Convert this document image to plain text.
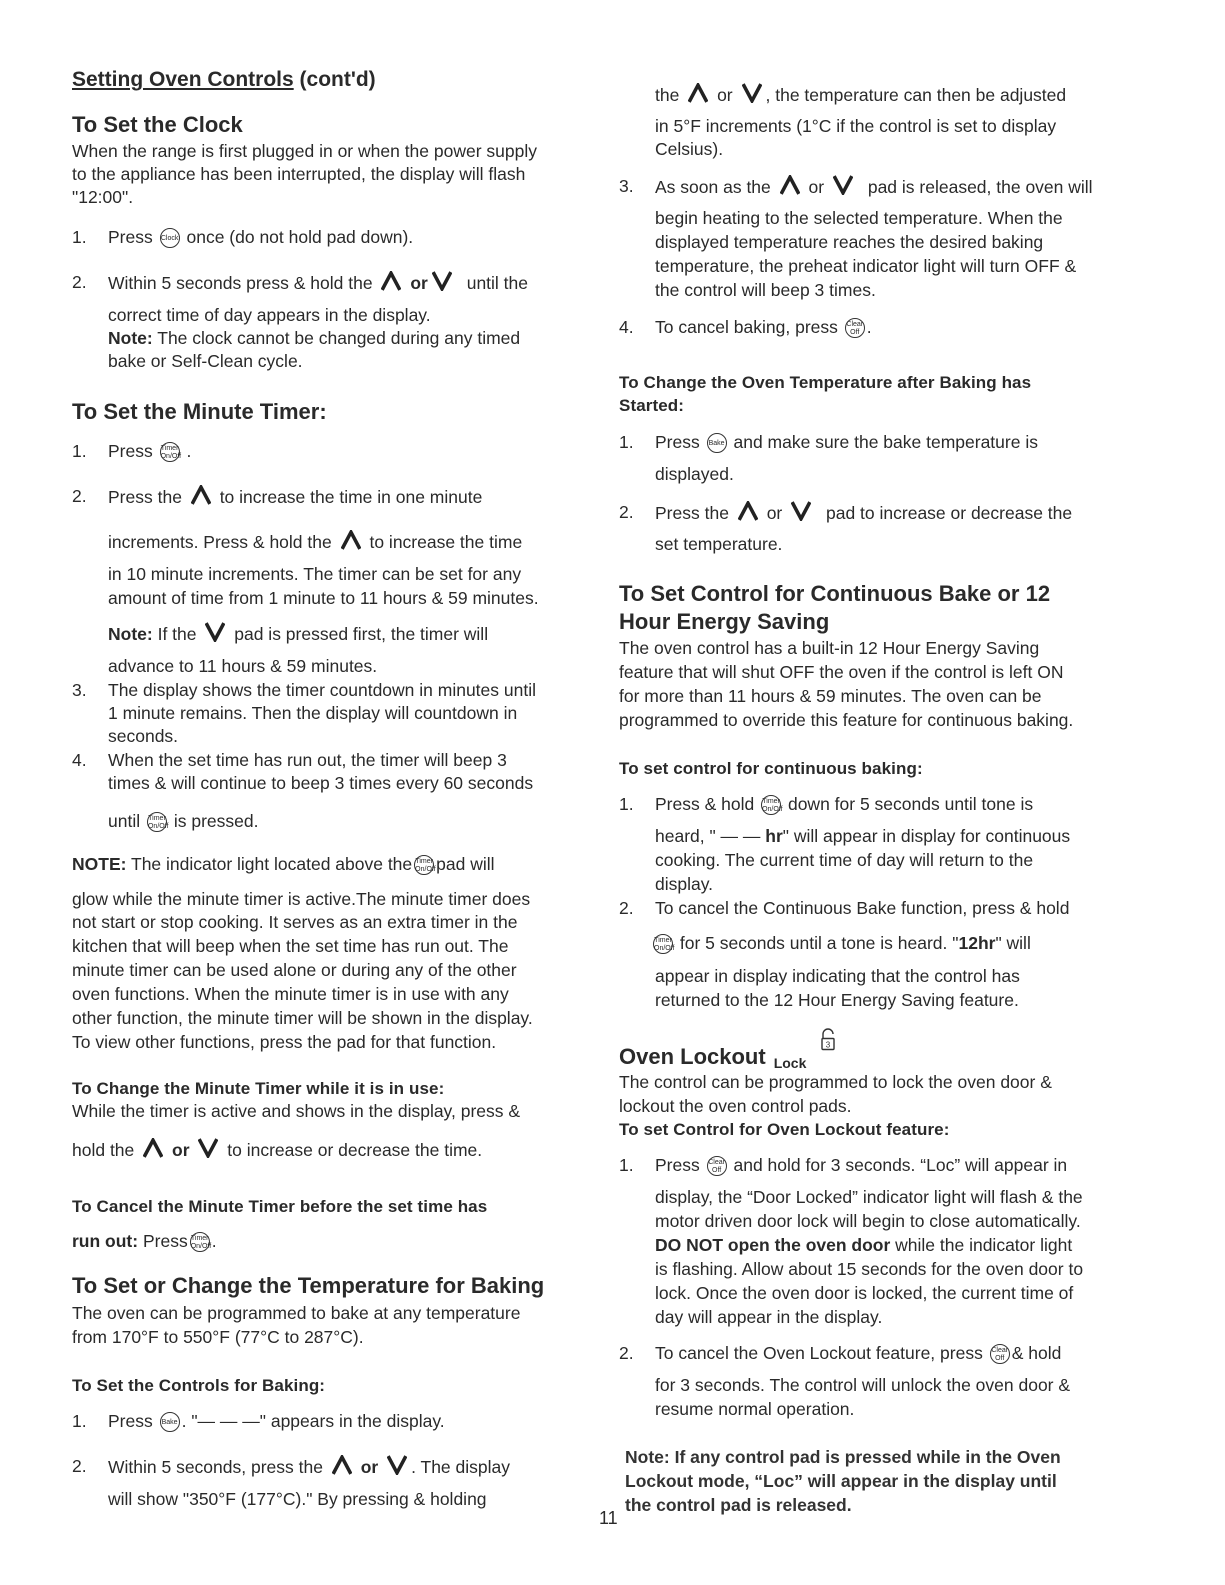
Setting Oven Controls (cont'd)
To Set the Clock

When the range is first plugged in or when the power supply

to the appliance has been interrupted, the display will flash

"12:00".

1. Press Clock once (do not hold pad down).
2. Within 5 seconds press & hold the or until the

correct time of day appears in the display.

Note: The clock cannot be changed during any timed

bake or Self-Clean cycle.

To Set the Minute Timer:
1. Press Timer
On/Off .
2. Press the to increase the time in one minute
increments. Press & hold the to increase the time

in 10 minute increments. The timer can be set for any

amount of time from 1 minute to 11 hours & 59 minutes.

Note: If the pad is pressed first, the timer will

advance to 11 hours & 59 minutes.

3. The display shows the timer countdown in minutes until

1 minute remains. Then the display will countdown in

seconds.

4. When the set time has run out, the timer will beep 3

times & will continue to beep 3 times every 60 seconds

until Timer
On/Off is pressed.
NOTE: The indicator light located above the Timer
On/Offpad will

glow while the minute timer is active.The minute timer does

not start or stop cooking. It serves as an extra timer in the

kitchen that will beep when the set time has run out. The

minute timer can be used alone or during any of the other

oven functions. When the minute timer is in use with any

other function, the minute timer will be shown in the display.

To view other functions, press the pad for that function.

To Change the Minute Timer while it is in use:

While the timer is active and shows in the display, press &

hold the or to increase or decrease the time.
To Cancel the Minute Timer before the set time has
run out: Press Timer
On/Off.
To Set or Change the Temperature for Baking

The oven can be programmed to bake at any temperature

from 170°F to 550°F (77°C to 287°C).

To Set the Controls for Baking:
1. Press Bake . "— — —" appears in the display.
2. Within 5 seconds, press the or . The display

will show "350°F (177°C)." By pressing & holding

the or , the temperature can then be adjusted

in 5°F increments (1°C if the control is set to display

Celsius).

3. As soon as the or	pad is released, the oven will

begin heating to the selected temperature. When the

displayed temperature reaches the desired baking

temperature, the preheat indicator light will turn OFF &

the control will beep 3 times.

4. To cancel baking, press Clear
Off .
To Change the Oven Temperature after Baking has
Started:
1. Press Bake and make sure the bake temperature is

displayed.

2. Press the or	pad to increase or decrease the

set temperature.

To Set Control for Continuous Bake or 12
Hour Energy Saving

The oven control has a built-in 12 Hour Energy Saving

feature that will shut OFF the oven if the control is left ON

for more than 11 hours & 59 minutes. The oven can be

programmed to override this feature for continuous baking.

To set control for continuous baking:
1. Press & hold Timer
On/Off down for 5 seconds until tone is

heard, " — — hr" will appear in display for continuous

cooking. The current time of day will return to the

display.

2. To cancel the Continuous Bake function, press & hold

Timer
On/Off for 5 seconds until a tone is heard. "12hr" will

appear in display indicating that the control has

returned to the 12 Hour Energy Saving feature.

Oven Lockout Lock

The control can be programmed to lock the oven door &

lockout the oven control pads.

To set Control for Oven Lockout feature:
1. Press Clear
Off and hold for 3 seconds. “Loc” will appear in

display, the “Door Locked” indicator light will flash & the

motor driven door lock will begin to close automatically.

DO NOT open the oven door while the indicator light

is flashing. Allow about 15 seconds for the oven door to

lock. Once the oven door is locked, the current time of

day will appear in the display.

2. To cancel the Oven Lockout feature, press Clear
Off & hold

for 3 seconds. The control will unlock the oven door &

resume normal operation.

Note: If any control pad is pressed while in the Oven

Lockout mode, “Loc” will appear in the display until

the control pad is released.

3
11
